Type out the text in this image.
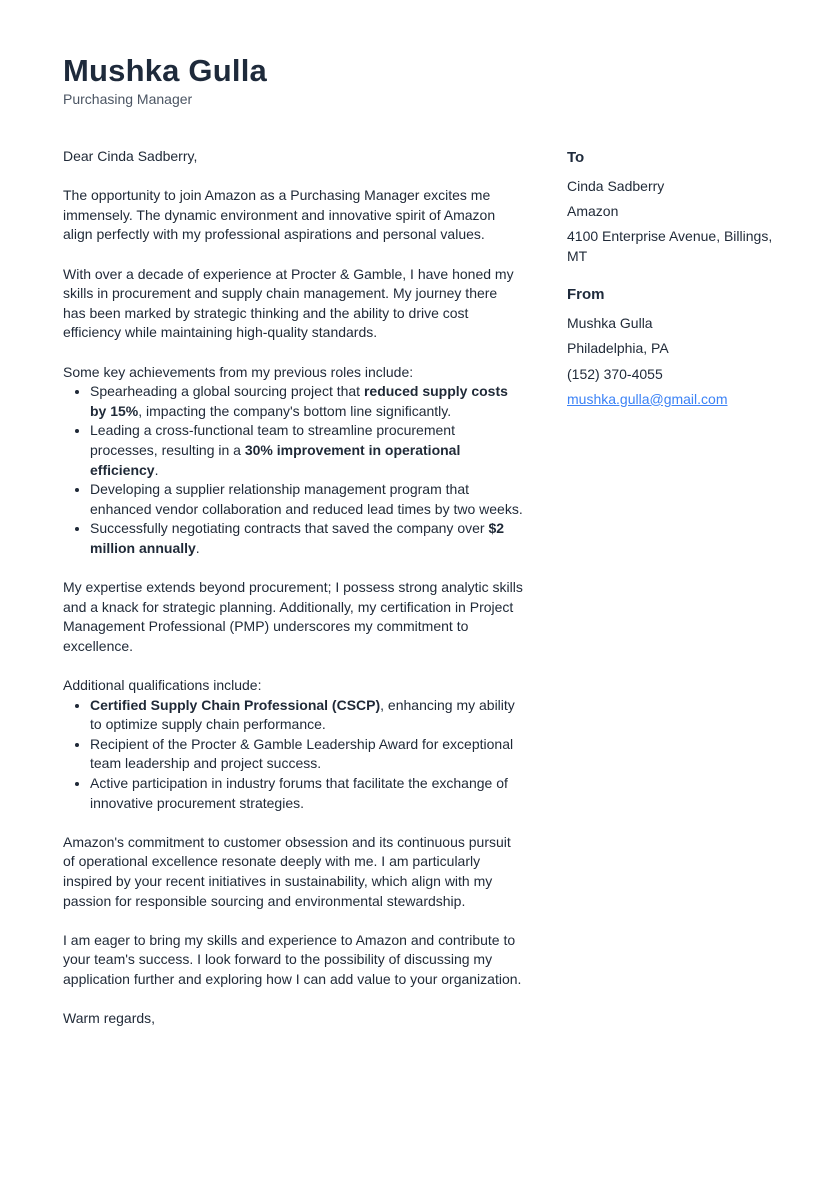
Mushka Gulla
Purchasing Manager

Dear Cinda Sadberry,

The opportunity to join Amazon as a Purchasing Manager excites me immensely. The dynamic environment and innovative spirit of Amazon align perfectly with my professional aspirations and personal values.

With over a decade of experience at Procter & Gamble, I have honed my skills in procurement and supply chain management. My journey there has been marked by strategic thinking and the ability to drive cost efficiency while maintaining high-quality standards.

Some key achievements from my previous roles include:

• Spearheading a global sourcing project that reduced supply costs by 15%, impacting the company's bottom line significantly.
• Leading a cross-functional team to streamline procurement processes, resulting in a 30% improvement in operational efficiency.
• Developing a supplier relationship management program that enhanced vendor collaboration and reduced lead times by two weeks.
• Successfully negotiating contracts that saved the company over $2 million annually.

My expertise extends beyond procurement; I possess strong analytic skills and a knack for strategic planning. Additionally, my certification in Project Management Professional (PMP) underscores my commitment to excellence.

Additional qualifications include:

• Certified Supply Chain Professional (CSCP), enhancing my ability to optimize supply chain performance.
• Recipient of the Procter & Gamble Leadership Award for exceptional team leadership and project success.
• Active participation in industry forums that facilitate the exchange of innovative procurement strategies.

Amazon's commitment to customer obsession and its continuous pursuit of operational excellence resonate deeply with me. I am particularly inspired by your recent initiatives in sustainability, which align with my passion for responsible sourcing and environmental stewardship.

I am eager to bring my skills and experience to Amazon and contribute to your team's success. I look forward to the possibility of discussing my application further and exploring how I can add value to your organization.

Warm regards,

To
Cinda Sadberry
Amazon
4100 Enterprise Avenue, Billings, MT
From
Mushka Gulla
Philadelphia, PA
(152) 370-4055
mushka.gulla@gmail.com
